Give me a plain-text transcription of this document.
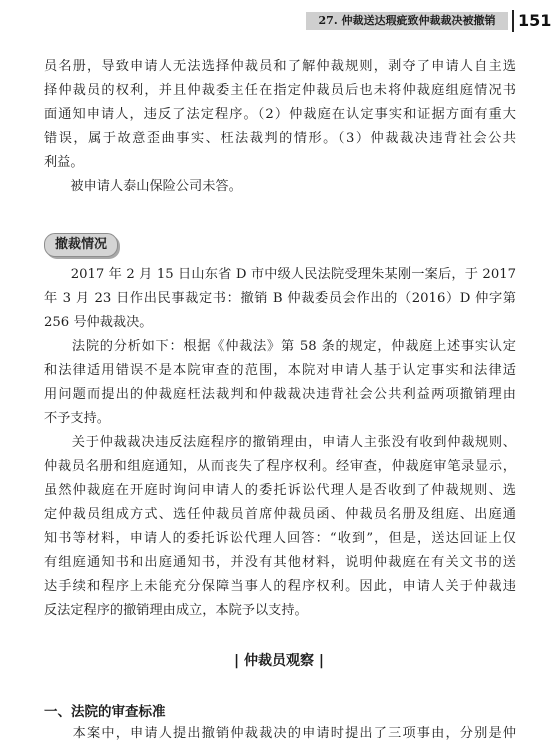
27. 仲裁送达瑕疵致仲裁裁决被撤销	151
员名册，导致申请人无法选择仲裁员和了解仲裁规则，剥夺了申请人自主选
择仲裁员的权利，并且仲裁委主任在指定仲裁员后也未将仲裁庭组庭情况书
面通知申请人，违反了法定程序。（2）仲裁庭在认定事实和证据方面有重大
错误，属于故意歪曲事实、枉法裁判的情形。（3）仲裁裁决违背社会公共
利益。
　　被申请人泰山保险公司未答。
撤裁情况
　　2017 年 2 月 15 日山东省 D 市中级人民法院受理朱某刚一案后，于 2017
年 3 月 23 日作出民事裁定书：撤销 B 仲裁委员会作出的（2016）D 仲字第
256 号仲裁裁决。
　　法院的分析如下：根据《仲裁法》第 58 条的规定，仲裁庭上述事实认定
和法律适用错误不是本院审查的范围，本院对申请人基于认定事实和法律适
用问题而提出的仲裁庭枉法裁判和仲裁裁决违背社会公共利益两项撤销理由
不予支持。
　　关于仲裁裁决违反法庭程序的撤销理由，申请人主张没有收到仲裁规则、
仲裁员名册和组庭通知，从而丧失了程序权利。经审查，仲裁庭审笔录显示，
虽然仲裁庭在开庭时询问申请人的委托诉讼代理人是否收到了仲裁规则、选
定仲裁员组成方式、选任仲裁员首席仲裁员函、仲裁员名册及组庭、出庭通
知书等材料，申请人的委托诉讼代理人回答：“收到”，但是，送达回证上仅
有组庭通知书和出庭通知书，并没有其他材料，说明仲裁庭在有关文书的送
达手续和程序上未能充分保障当事人的程序权利。因此，申请人关于仲裁违
反法定程序的撤销理由成立，本院予以支持。
| 仲裁员观察 |
一、法院的审查标准
　　本案中，申请人提出撤销仲裁裁决的申请时提出了三项事由，分别是仲
